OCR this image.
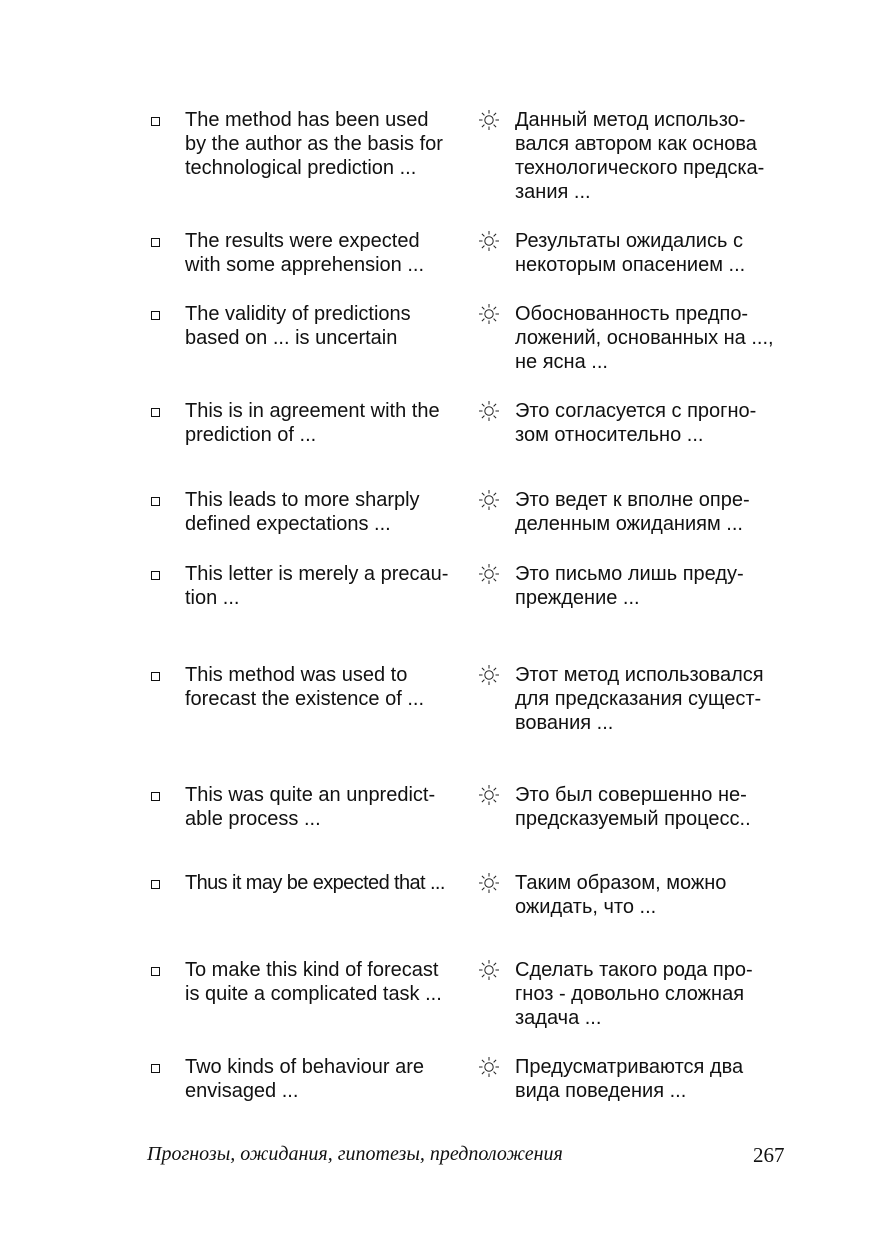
The method has been used
by the author as the basis for
technological prediction ...
Данный метод использо-
вался автором как основа
технологического предска-
зания ...
The results were expected
with some apprehension ...
Результаты ожидались с
некоторым опасением ...
The validity of predictions
based on ... is uncertain
Обоснованность предпо-
ложений, основанных на ...,
не ясна ...
This is in agreement with the
prediction of ...
Это согласуется с прогно-
зом относительно ...
This leads to more sharply
defined expectations ...
Это ведет к вполне опре-
деленным ожиданиям ...
This letter is merely a precau-
tion ...
Это письмо лишь преду-
преждение ...
This method was used to
forecast the existence of ...
Этот метод использовался
для предсказания сущест-
вования ...
This was quite an unpredict-
able process ...
Это был совершенно не-
предсказуемый процесс..
Thus it may be expected that ...	Таким образом, можно
ожидать, что ...
To make this kind of forecast
is quite a complicated task ...
Сделать такого рода про-
гноз - довольно сложная
задача ...
Two kinds of behaviour are
envisaged ...
Предусматриваются два
вида поведения ...
Прогнозы, ожидания, гипотезы, предположения	267
